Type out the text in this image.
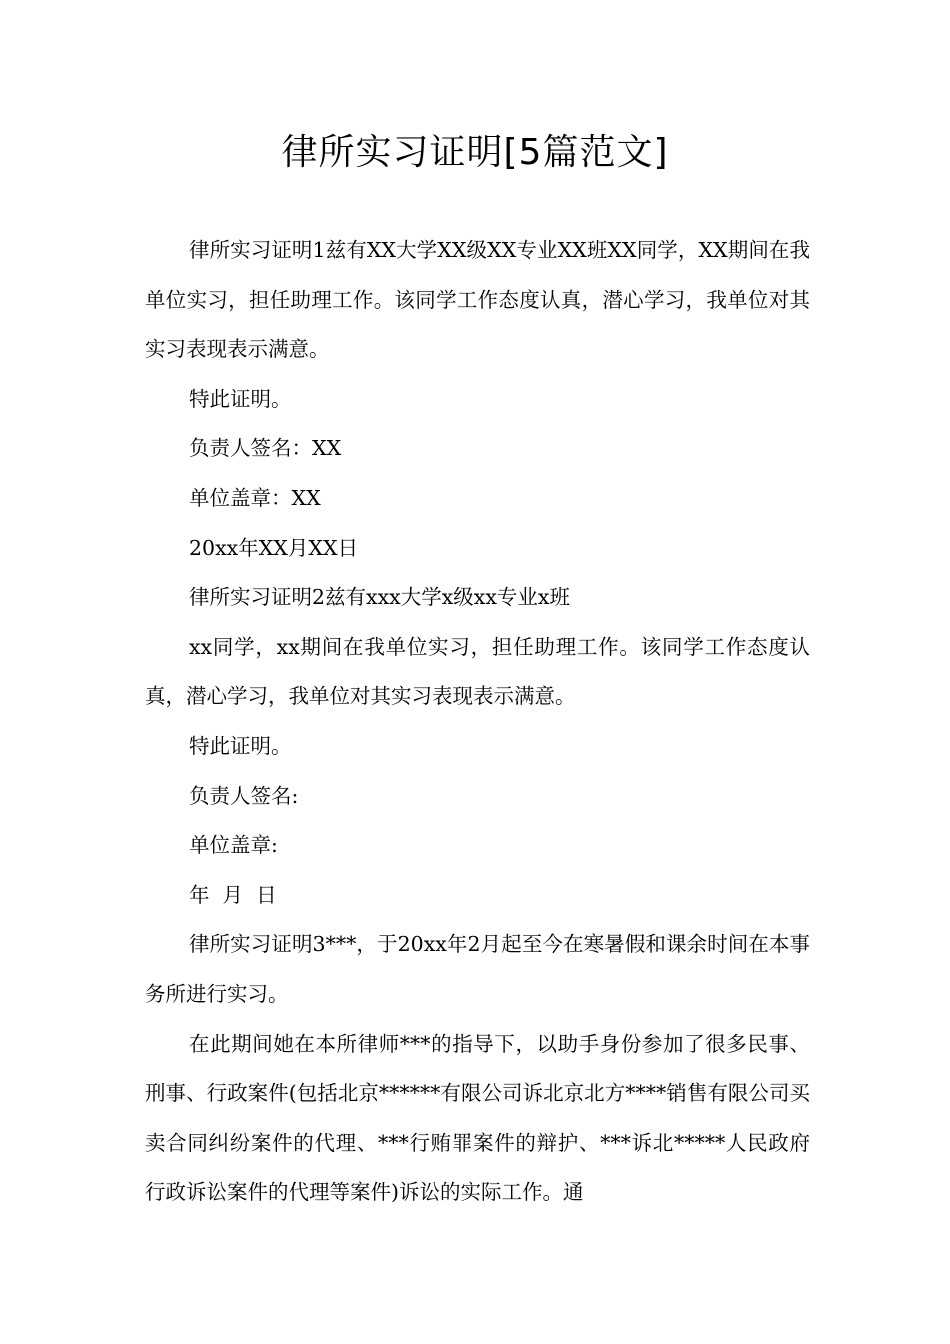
律所实习证明[5篇范文]

律所实习证明1兹有XX大学XX级XX专业XX班XX同学，XX期间在我单位实习，担任助理工作。该同学工作态度认真，潜心学习，我单位对其实习表现表示满意。

特此证明。

负责人签名：XX

单位盖章：XX

20xx年XX月XX日

律所实习证明2兹有xxx大学x级xx专业x班

xx同学，xx期间在我单位实习，担任助理工作。该同学工作态度认真，潜心学习，我单位对其实习表现表示满意。

特此证明。

负责人签名:

单位盖章:

年  月  日

律所实习证明3***，于20xx年2月起至今在寒暑假和课余时间在本事务所进行实习。

在此期间她在本所律师***的指导下，以助手身份参加了很多民事、刑事、行政案件(包括北京******有限公司诉北京北方****销售有限公司买卖合同纠纷案件的代理、***行贿罪案件的辩护、***诉北*****人民政府行政诉讼案件的代理等案件)诉讼的实际工作。通
